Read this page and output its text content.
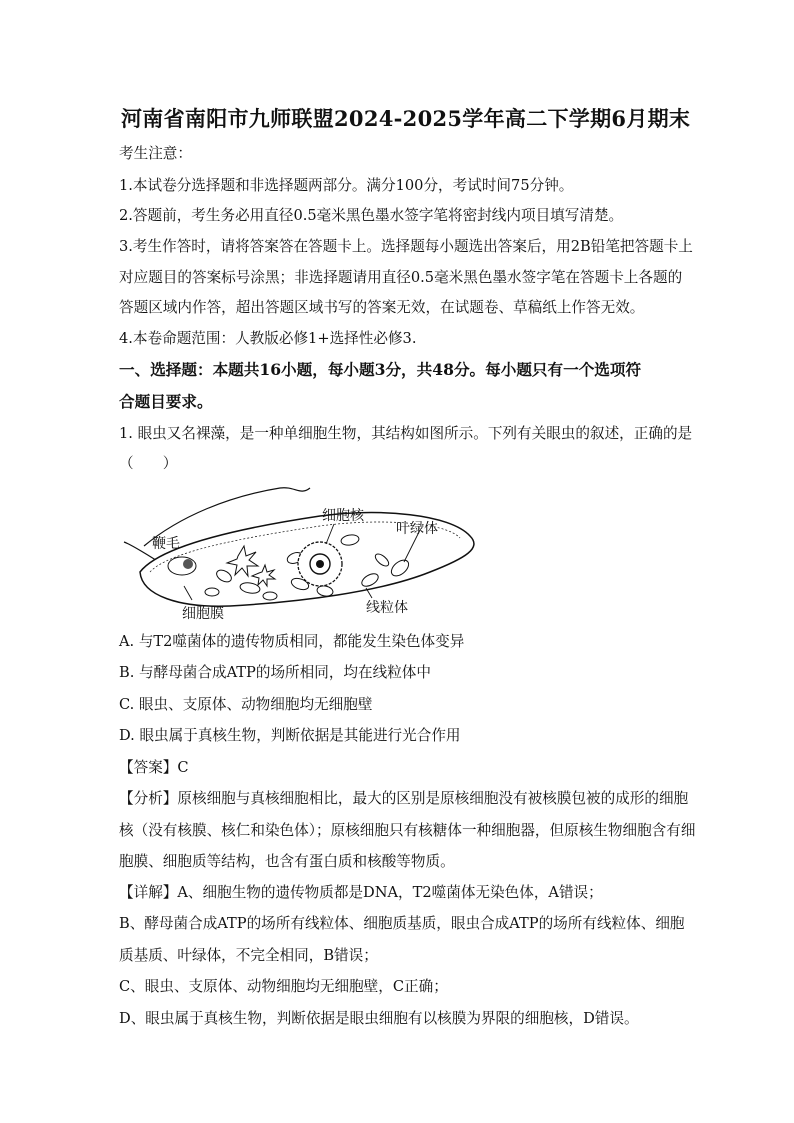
河南省南阳市九师联盟2024-2025学年高二下学期6月期末
考生注意：
1.本试卷分选择题和非选择题两部分。满分100分，考试时间75分钟。
2.答题前，考生务必用直径0.5毫米黑色墨水签字笔将密封线内项目填写清楚。
3.考生作答时，请将答案答在答题卡上。选择题每小题选出答案后，用2B铅笔把答题卡上
对应题目的答案标号涂黑；非选择题请用直径0.5毫米黑色墨水签字笔在答题卡上各题的
答题区域内作答，超出答题区域书写的答案无效，在试题卷、草稿纸上作答无效。
4.本卷命题范围：人教版必修1+选择性必修3.
一、选择题：本题共16小题，每小题3分，共48分。每小题只有一个选项符
合题目要求。
1. 眼虫又名裸藻，是一种单细胞生物，其结构如图所示。下列有关眼虫的叙述，正确的是
（　　）
鞭毛
细胞核
叶绿体
细胞膜	线粒体
A. 与T2噬菌体的遗传物质相同，都能发生染色体变异
B. 与酵母菌合成ATP的场所相同，均在线粒体中
C. 眼虫、支原体、动物细胞均无细胞壁
D. 眼虫属于真核生物，判断依据是其能进行光合作用
【答案】C
【分析】原核细胞与真核细胞相比，最大的区别是原核细胞没有被核膜包被的成形的细胞
核（没有核膜、核仁和染色体）；原核细胞只有核糖体一种细胞器，但原核生物细胞含有细
胞膜、细胞质等结构，也含有蛋白质和核酸等物质。
【详解】A、细胞生物的遗传物质都是DNA，T2噬菌体无染色体，A错误；
B、酵母菌合成ATP的场所有线粒体、细胞质基质，眼虫合成ATP的场所有线粒体、细胞
质基质、叶绿体，不完全相同，B错误；
C、眼虫、支原体、动物细胞均无细胞壁，C正确；
D、眼虫属于真核生物，判断依据是眼虫细胞有以核膜为界限的细胞核，D错误。
